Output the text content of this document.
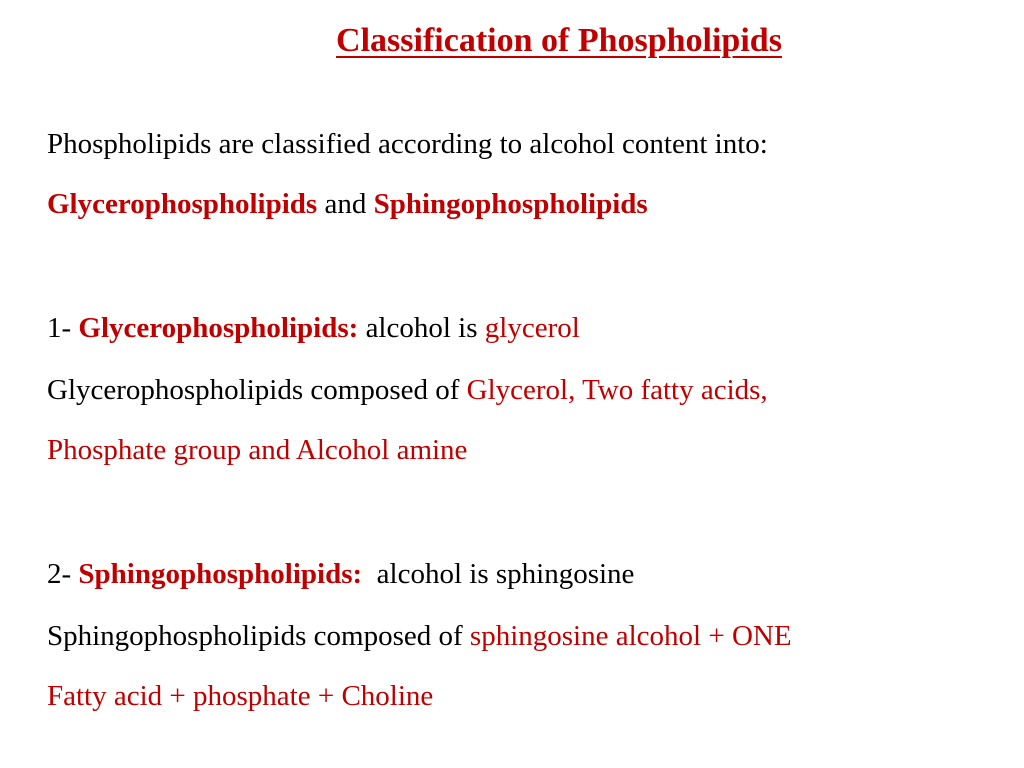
Classification of Phospholipids

Phospholipids are classified according to alcohol content into:

Glycerophospholipids and Sphingophospholipids

1- Glycerophospholipids: alcohol is glycerol

Glycerophospholipids composed of Glycerol, Two fatty acids,

Phosphate group and Alcohol amine

2- Sphingophospholipids:  alcohol is sphingosine

Sphingophospholipids composed of sphingosine alcohol + ONE

Fatty acid + phosphate + Choline
